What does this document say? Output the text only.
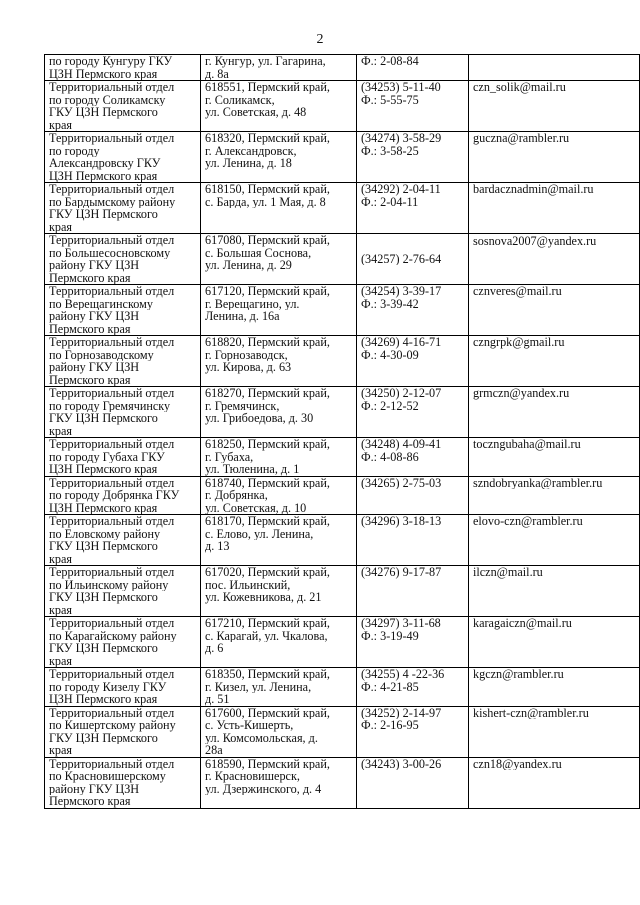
2
по городу Кунгуру ГКУ
ЦЗН Пермского края	г. Кунгур, ул. Гагарина,
д. 8а	Ф.: 2-08-84	

Территориальный отдел
по городу Соликамску
ГКУ ЦЗН Пермского
края	618551, Пермский край,
г. Соликамск,
ул. Советская, д. 48	(34253) 5-11-40
Ф.: 5-55-75	czn_solik@mail.ru

Территориальный отдел
по городу
Александровску ГКУ
ЦЗН Пермского края	618320, Пермский край,
г. Александровск,
ул. Ленина, д. 18	(34274) 3-58-29
Ф.: 3-58-25	guczna@rambler.ru

Территориальный отдел
по Бардымскому району
ГКУ ЦЗН Пермского
края	618150, Пермский край,
с. Барда, ул. 1 Мая, д. 8	(34292) 2-04-11
Ф.: 2-04-11	bardacznadmin@mail.ru

Территориальный отдел
по Большесосновскому
району ГКУ ЦЗН
Пермского края	617080, Пермский край,
с. Большая Соснова,
ул. Ленина, д. 29	(34257) 2-76-64	sosnova2007@yandex.ru

Территориальный отдел
по Верещагинскому
району ГКУ ЦЗН
Пермского края	617120, Пермский край,
г. Верещагино, ул.
Ленина, д. 16а	(34254) 3-39-17
Ф.: 3-39-42	cznveres@mail.ru

Территориальный отдел
по Горнозаводскому
району ГКУ ЦЗН
Пермского края	618820, Пермский край,
г. Горнозаводск,
ул. Кирова, д. 63	(34269) 4-16-71
Ф.: 4-30-09	czngrpk@gmail.ru

Территориальный отдел
по городу Гремячинску
ГКУ ЦЗН Пермского
края	618270, Пермский край,
г. Гремячинск,
ул. Грибоедова, д. 30	(34250) 2-12-07
Ф.: 2-12-52	grmczn@yandex.ru

Территориальный отдел
по городу Губаха ГКУ
ЦЗН Пермского края	618250, Пермский край,
г. Губаха,
ул. Тюленина, д. 1	(34248) 4-09-41
Ф.: 4-08-86	toczngubaha@mail.ru

Территориальный отдел
по городу Добрянка ГКУ
ЦЗН Пермского края	618740, Пермский край,
г. Добрянка,
ул. Советская, д. 10	(34265) 2-75-03	szndobryanka@rambler.ru

Территориальный отдел
по Еловскому району
ГКУ ЦЗН Пермского
края	618170, Пермский край,
с. Елово, ул. Ленина,
д. 13	(34296) 3-18-13	elovo-czn@rambler.ru

Территориальный отдел
по Ильинскому району
ГКУ ЦЗН Пермского
края	617020, Пермский край,
пос. Ильинский,
ул. Кожевникова, д. 21	(34276) 9-17-87	ilczn@mail.ru

Территориальный отдел
по Карагайскому району
ГКУ ЦЗН Пермского
края	617210, Пермский край,
с. Карагай, ул. Чкалова,
д. 6	(34297) 3-11-68
Ф.: 3-19-49	karagaiczn@mail.ru

Территориальный отдел
по городу Кизелу ГКУ
ЦЗН Пермского края	618350, Пермский край,
г. Кизел, ул. Ленина,
д. 51	(34255) 4 -22-36
Ф.: 4-21-85	kgczn@rambler.ru

Территориальный отдел
по Кишертскому району
ГКУ ЦЗН Пермского
края	617600, Пермский край,
с. Усть-Кишерть,
ул. Комсомольская, д.
28а	(34252) 2-14-97
Ф.: 2-16-95	kishert-czn@rambler.ru

Территориальный отдел
по Красновишерскому
району ГКУ ЦЗН
Пермского края	618590, Пермский край,
г. Красновишерск,
ул. Дзержинского, д. 4	(34243) 3-00-26	czn18@yandex.ru
